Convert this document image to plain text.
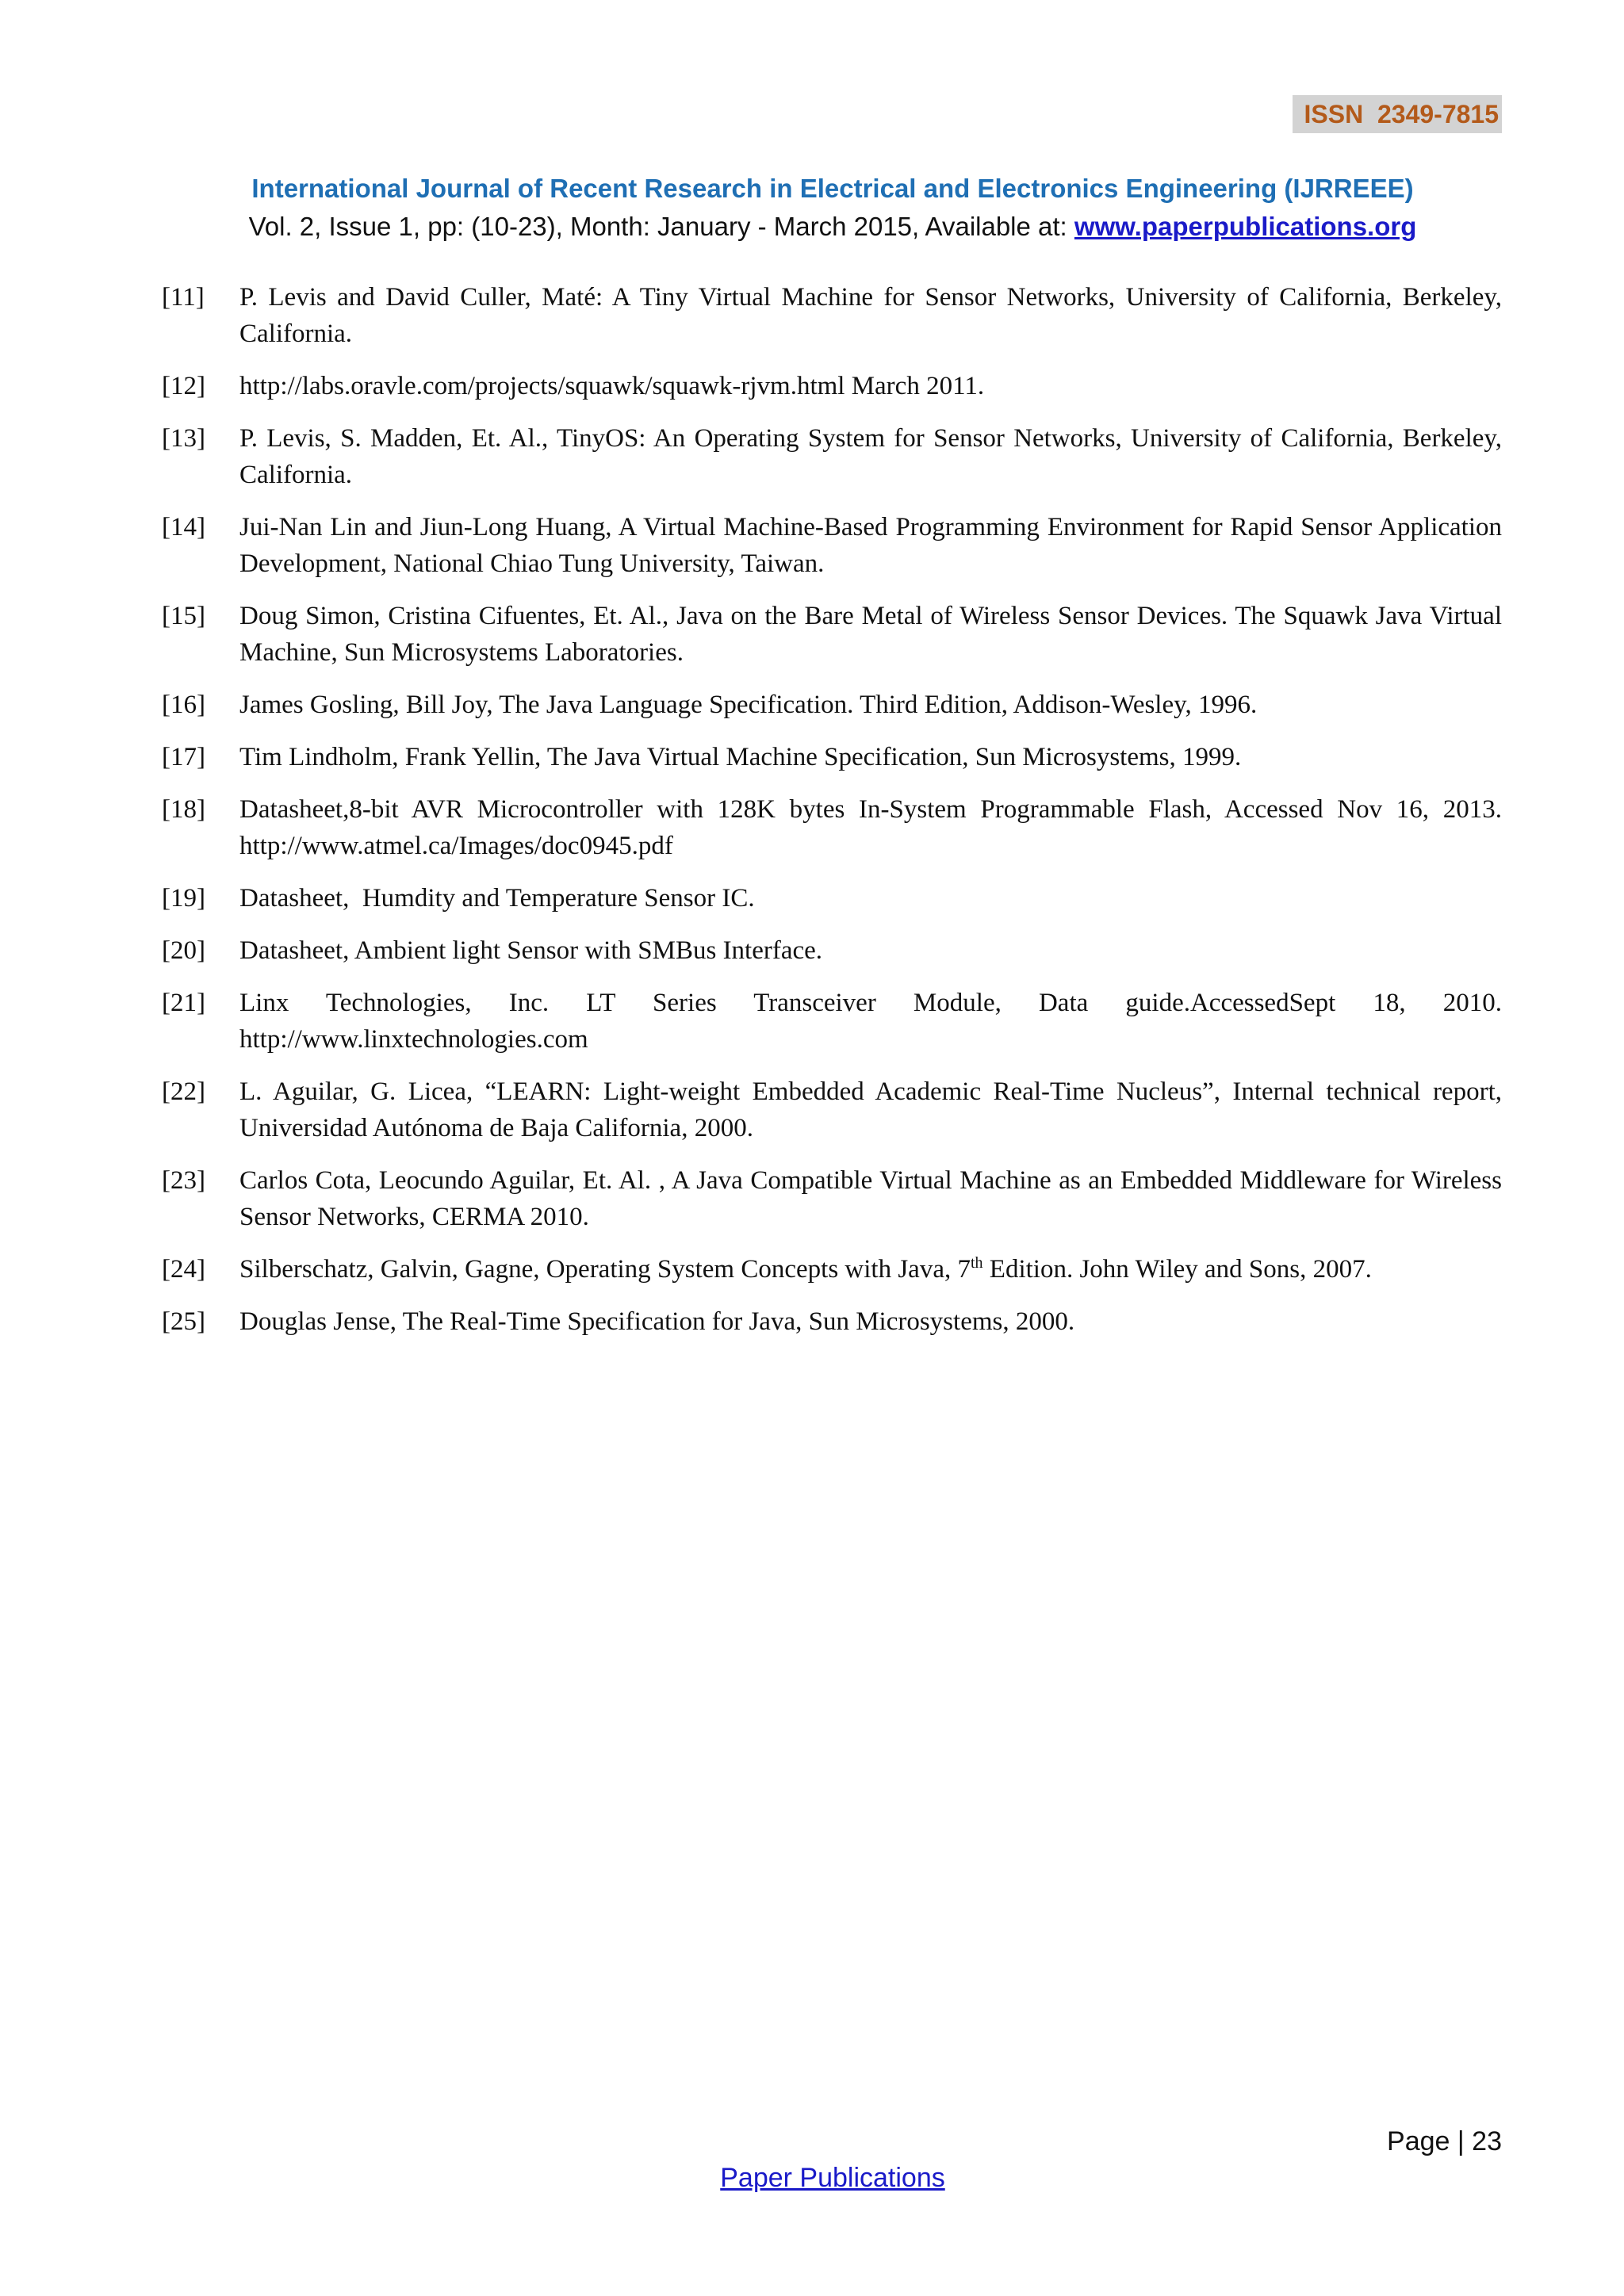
ISSN  2349-7815
International Journal of Recent Research in Electrical and Electronics Engineering (IJRREEE)
Vol. 2, Issue 1, pp: (10-23), Month: January - March 2015, Available at: www.paperpublications.org
[11]	P. Levis and David Culler, Maté: A Tiny Virtual Machine for Sensor Networks, University of California, Berkeley, California.
[12]	http://labs.oravle.com/projects/squawk/squawk-rjvm.html March 2011.
[13]	P. Levis, S. Madden, Et. Al., TinyOS: An Operating System for Sensor Networks, University of California, Berkeley, California.
[14]	Jui-Nan Lin and Jiun-Long Huang, A Virtual Machine-Based Programming Environment for Rapid Sensor Application Development, National Chiao Tung University, Taiwan.
[15]	Doug Simon, Cristina Cifuentes, Et. Al., Java on the Bare Metal of Wireless Sensor Devices. The Squawk Java Virtual Machine, Sun Microsystems Laboratories.
[16]	James Gosling, Bill Joy, The Java Language Specification. Third Edition, Addison-Wesley, 1996.
[17]	Tim Lindholm, Frank Yellin, The Java Virtual Machine Specification, Sun Microsystems, 1999.
[18]	Datasheet,8-bit AVR Microcontroller with 128K bytes In-System Programmable Flash, Accessed Nov 16, 2013. http://www.atmel.ca/Images/doc0945.pdf
[19]	Datasheet,  Humdity and Temperature Sensor IC.
[20]	Datasheet, Ambient light Sensor with SMBus Interface.
[21]	Linx Technologies, Inc. LT Series Transceiver Module, Data guide.AccessedSept 18, 2010. http://www.linxtechnologies.com
[22]	L. Aguilar, G. Licea, “LEARN: Light-weight Embedded Academic Real-Time Nucleus”, Internal technical report, Universidad Autónoma de Baja California, 2000.
[23]	Carlos Cota, Leocundo Aguilar, Et. Al. , A Java Compatible Virtual Machine as an Embedded Middleware for Wireless Sensor Networks, CERMA 2010.
[24]	Silberschatz, Galvin, Gagne, Operating System Concepts with Java, 7th Edition. John Wiley and Sons, 2007.
[25]	Douglas Jense, The Real-Time Specification for Java, Sun Microsystems, 2000.
Page | 23
Paper Publications
